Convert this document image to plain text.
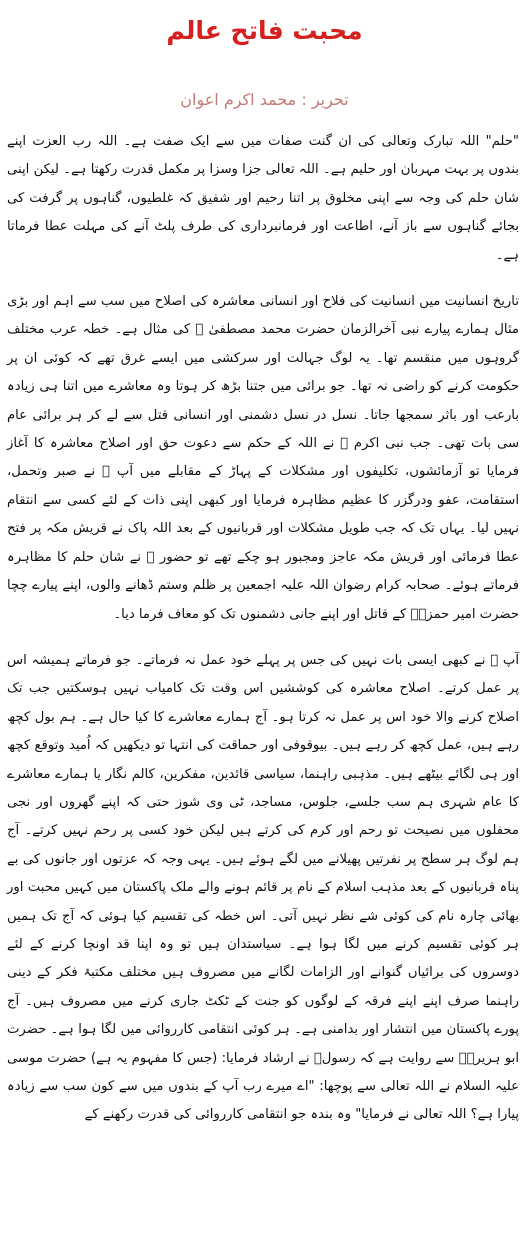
محبت فاتح عالم

تحریر : محمد اکرم اعوان

"حلم" اللہ تبارک وتعالی کی ان گنت صفات میں سے ایک صفت ہے۔ اللہ رب العزت اپنے بندوں پر بہت مہربان اور حلیم ہے۔ اللہ تعالی جزا وسزا پر مکمل قدرت رکھتا ہے۔ لیکن اپنی شان حلم کی وجہ سے اپنی مخلوق پر اتنا رحیم اور شفیق کہ غلطیوں، گناہوں پر گرفت کی بجائے گناہوں سے باز آنے، اطاعت اور فرمانبرداری کی طرف پلٹ آنے کی مہلت عطا فرماتا ہے۔

تاریخ انسانیت میں انسانیت کی فلاح اور انسانی معاشرہ کی اصلاح میں سب سے اہم اور بڑی مثال ہمارے پیارے نبی آخرالزمان حضرت محمد مصطفیٰ ﷺ کی مثال ہے۔ خطہ عرب مختلف گروہوں میں منقسم تھا۔ یہ لوگ جہالت اور سرکشی میں ایسے غرق تھے کہ کوئی ان پر حکومت کرنے کو راضی نہ تھا۔ جو برائی میں جتنا بڑھ کر ہوتا وہ معاشرے میں اتنا ہی زیادہ بارعب اور باثر سمجھا جاتا۔ نسل در نسل دشمنی اور انسانی قتل سے لے کر ہر برائی عام سی بات تھی۔ جب نبی اکرم ﷺ نے اللہ کے حکم سے دعوت حق اور اصلاح معاشرہ کا آغاز فرمایا تو آزمائشوں، تکلیفوں اور مشکلات کے پہاڑ کے مقابلے میں آپ ﷺ نے صبر وتحمل، استقامت، عفو ودرگزر کا عظیم مظاہرہ فرمایا اور کبھی اپنی ذات کے لئے کسی سے انتقام نہیں لیا۔ یہاں تک کہ جب طویل مشکلات اور قربانیوں کے بعد اللہ پاک نے قریش مکہ پر فتح عطا فرمائی اور قریش مکہ عاجز ومجبور ہو چکے تھے تو حضور ﷺ نے شان حلم کا مظاہرہ فرماتے ہوئے۔ صحابہ کرام رضوان اللہ علیہ اجمعین پر ظلم وستم ڈھانے والوں، اپنے پیارے چچا حضرت امیر حمزہؓ کے قاتل اور اپنے جانی دشمنوں تک کو معاف فرما دیا۔

آپ ﷺ نے کبھی ایسی بات نہیں کی جس پر پہلے خود عمل نہ فرماتے۔ جو فرماتے ہمیشہ اس پر عمل کرتے۔ اصلاح معاشرہ کی کوششیں اس وقت تک کامیاب نہیں ہوسکتیں جب تک اصلاح کرنے والا خود اس پر عمل نہ کرتا ہو۔ آج ہمارے معاشرے کا کیا حال ہے۔ ہم بول کچھ رہے ہیں، عمل کچھ کر رہے ہیں۔ بیوقوفی اور حماقت کی انتہا تو دیکھیں کہ اُمید وتوقع کچھ اور ہی لگائے بیٹھے ہیں۔ مذہبی راہنما، سیاسی قائدین، مفکرین، کالم نگار یا ہمارے معاشرے کا عام شہری ہم سب جلسے، جلوس، مساجد، ٹی وی شوز حتی کہ اپنے گھروں اور نجی محفلوں میں نصیحت تو رحم اور کرم کی کرتے ہیں لیکن خود کسی پر رحم نہیں کرتے۔ آج ہم لوگ ہر سطح پر نفرتیں پھیلانے میں لگے ہوئے ہیں۔ یہی وجہ کہ عزتوں اور جانوں کی بے پناہ قربانیوں کے بعد مذہب اسلام کے نام پر قائم ہونے والے ملک پاکستان میں کہیں محبت اور بھائی چارہ نام کی کوئی شے نظر نہیں آتی۔ اس خطہ کی تقسیم کیا ہوئی کہ آج تک ہمیں ہر کوئی تقسیم کرنے میں لگا ہوا ہے۔ سیاستدان ہیں تو وہ اپنا قد اونچا کرنے کے لئے دوسروں کی برائیاں گنوانے اور الزامات لگانے میں مصروف ہیں مختلف مکتبۂ فکر کے دینی راہنما صرف اپنے اپنے فرقہ کے لوگوں کو جنت کے ٹکٹ جاری کرنے میں مصروف ہیں۔ آج پورے پاکستان میں انتشار اور بدامنی ہے۔ ہر کوئی انتقامی کارروائی میں لگا ہوا ہے۔ حضرت ابو ہریرہؓ سے روایت ہے کہ رسولؐ نے ارشاد فرمایا: (جس کا مفہوم یہ ہے) حضرت موسی علیہ السلام نے اللہ تعالی سے پوچھا: "اے میرے رب آپ کے بندوں میں سے کون سب سے زیادہ پیارا ہے؟ اللہ تعالی نے فرمایا" وہ بندہ جو انتقامی کارروائی کی قدرت رکھنے کے
